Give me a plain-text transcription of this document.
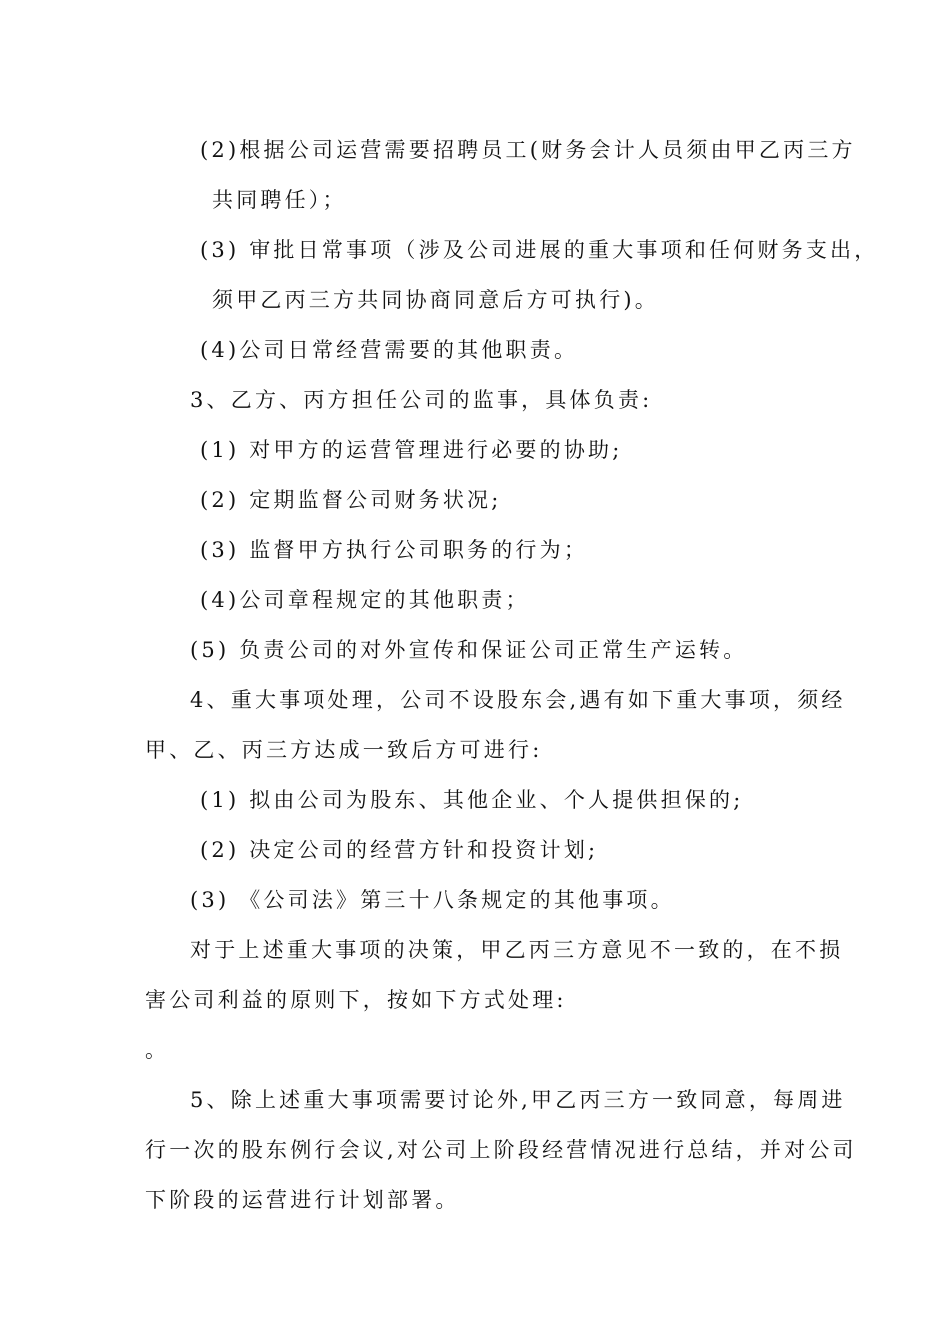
(2)根据公司运营需要招聘员工(财务会计人员须由甲乙丙三方
共同聘任）；
(3) 审批日常事项（涉及公司进展的重大事项和任何财务支出，
须甲乙丙三方共同协商同意后方可执行)。
(4)公司日常经营需要的其他职责。
3、乙方、丙方担任公司的监事，具体负责:
(1) 对甲方的运营管理进行必要的协助;
(2) 定期监督公司财务状况;
(3) 监督甲方执行公司职务的行为；
(4)公司章程规定的其他职责；
(5) 负责公司的对外宣传和保证公司正常生产运转。
4、重大事项处理，公司不设股东会,遇有如下重大事项，须经
甲、乙、丙三方达成一致后方可进行:
(1) 拟由公司为股东、其他企业、个人提供担保的;
(2) 决定公司的经营方针和投资计划;
(3) 《公司法》第三十八条规定的其他事项。
对于上述重大事项的决策，甲乙丙三方意见不一致的，在不损
害公司利益的原则下，按如下方式处理:
。
5、除上述重大事项需要讨论外,甲乙丙三方一致同意，每周进
行一次的股东例行会议,对公司上阶段经营情况进行总结，并对公司
下阶段的运营进行计划部署。
